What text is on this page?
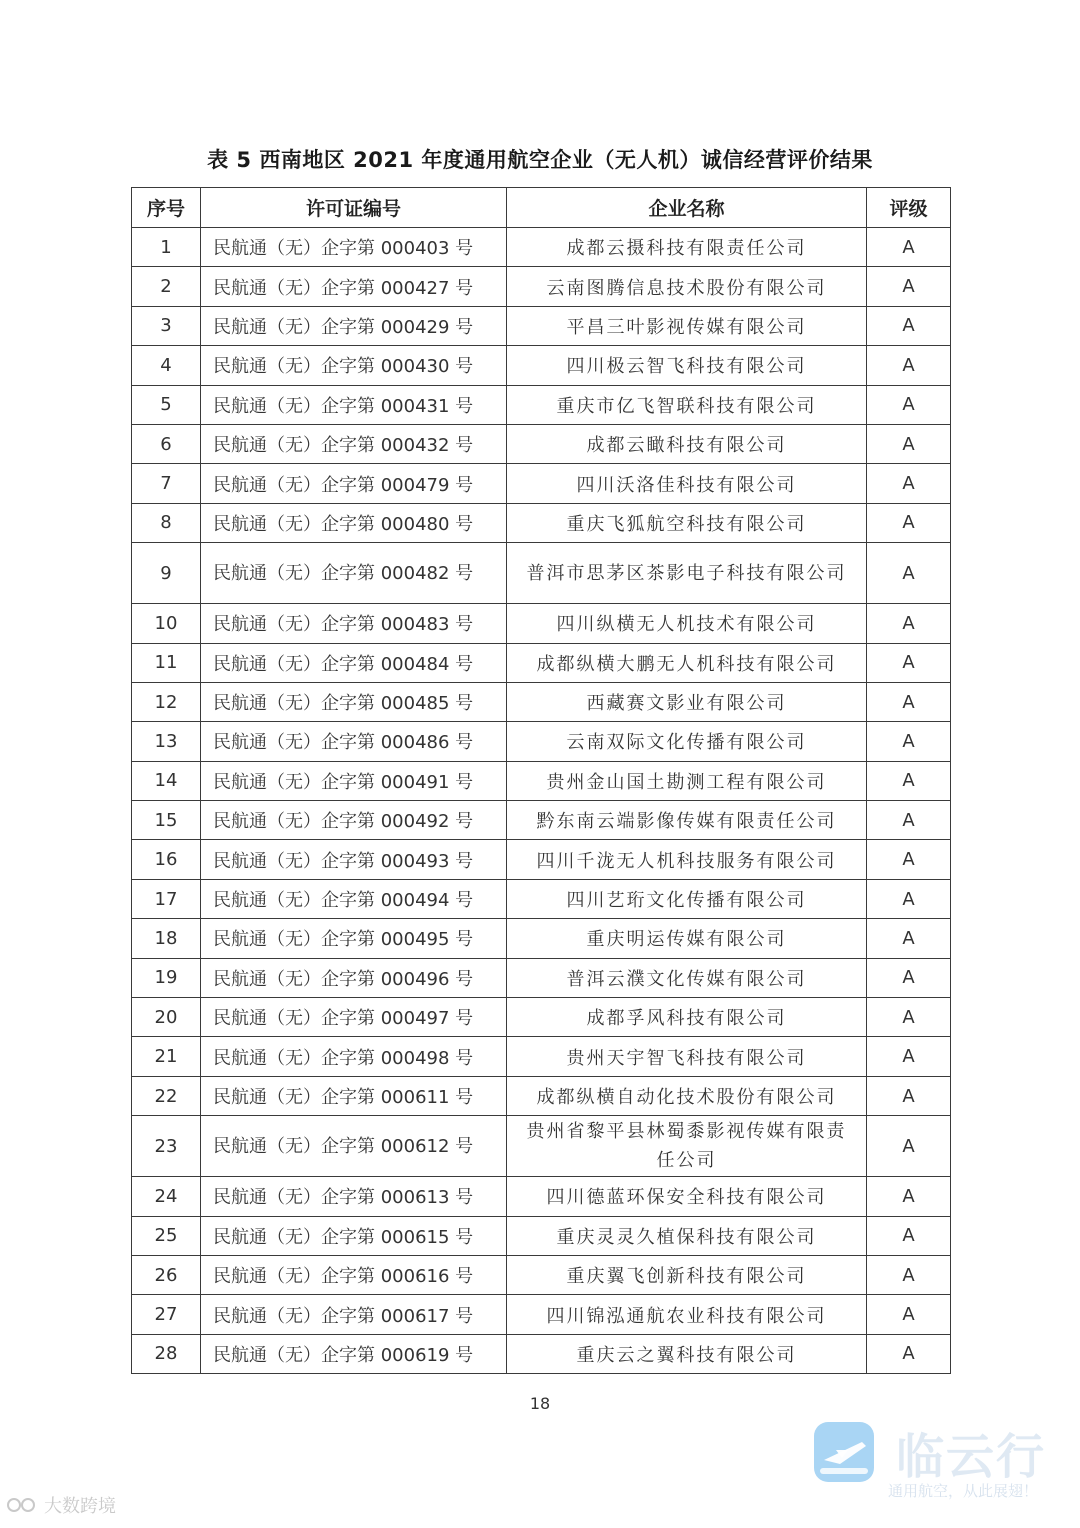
表 5 西南地区 2021 年度通用航空企业（无人机）诚信经营评价结果
序号	许可证编号	企业名称	评级
1	民航通（无）企字第 000403 号	成都云摄科技有限责任公司	A
2	民航通（无）企字第 000427 号	云南图腾信息技术股份有限公司	A
3	民航通（无）企字第 000429 号	平昌三叶影视传媒有限公司	A
4	民航通（无）企字第 000430 号	四川极云智飞科技有限公司	A
5	民航通（无）企字第 000431 号	重庆市亿飞智联科技有限公司	A
6	民航通（无）企字第 000432 号	成都云瞰科技有限公司	A
7	民航通（无）企字第 000479 号	四川沃洛佳科技有限公司	A
8	民航通（无）企字第 000480 号	重庆飞狐航空科技有限公司	A
9	民航通（无）企字第 000482 号	普洱市思茅区茶影电子科技有限公司	A
10	民航通（无）企字第 000483 号	四川纵横无人机技术有限公司	A
11	民航通（无）企字第 000484 号	成都纵横大鹏无人机科技有限公司	A
12	民航通（无）企字第 000485 号	西藏赛文影业有限公司	A
13	民航通（无）企字第 000486 号	云南双际文化传播有限公司	A
14	民航通（无）企字第 000491 号	贵州金山国土勘测工程有限公司	A
15	民航通（无）企字第 000492 号	黔东南云端影像传媒有限责任公司	A
16	民航通（无）企字第 000493 号	四川千泷无人机科技服务有限公司	A
17	民航通（无）企字第 000494 号	四川艺珩文化传播有限公司	A
18	民航通（无）企字第 000495 号	重庆明运传媒有限公司	A
19	民航通（无）企字第 000496 号	普洱云濮文化传媒有限公司	A
20	民航通（无）企字第 000497 号	成都孚风科技有限公司	A
21	民航通（无）企字第 000498 号	贵州天宇智飞科技有限公司	A
22	民航通（无）企字第 000611 号	成都纵横自动化技术股份有限公司	A
23	民航通（无）企字第 000612 号	贵州省黎平县林蜀黍影视传媒有限责任公司	A
24	民航通（无）企字第 000613 号	四川德蓝环保安全科技有限公司	A
25	民航通（无）企字第 000615 号	重庆灵灵久植保科技有限公司	A
26	民航通（无）企字第 000616 号	重庆翼飞创新科技有限公司	A
27	民航通（无）企字第 000617 号	四川锦泓通航农业科技有限公司	A
28	民航通（无）企字第 000619 号	重庆云之翼科技有限公司	A
18
临云行
通用航空，从此展翅！
大数跨境
